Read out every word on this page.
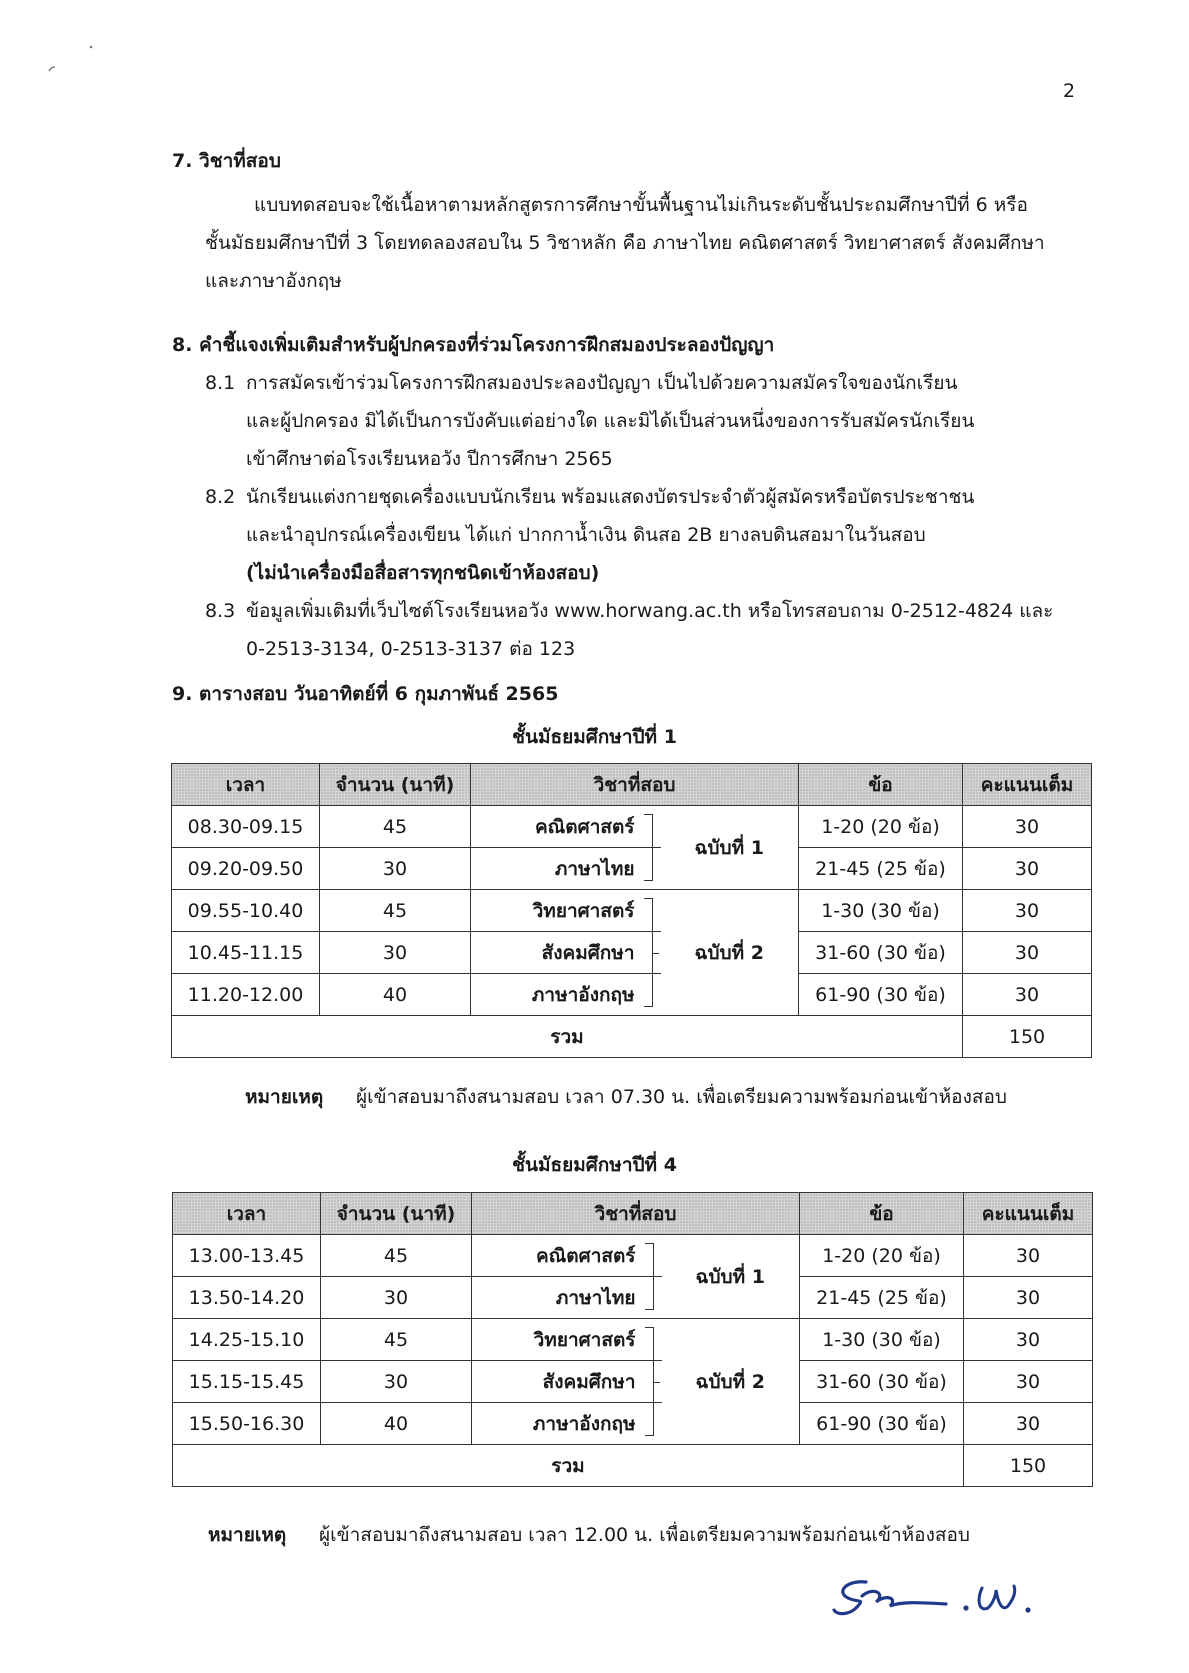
2
7. วิชาที่สอบ
แบบทดสอบจะใช้เนื้อหาตามหลักสูตรการศึกษาขั้นพื้นฐานไม่เกินระดับชั้นประถมศึกษาปีที่ 6 หรือ
ชั้นมัธยมศึกษาปีที่ 3 โดยทดลองสอบใน 5 วิชาหลัก คือ ภาษาไทย คณิตศาสตร์ วิทยาศาสตร์ สังคมศึกษา
และภาษาอังกฤษ
8. คำชี้แจงเพิ่มเติมสำหรับผู้ปกครองที่ร่วมโครงการฝึกสมองประลองปัญญา
8.1 การสมัครเข้าร่วมโครงการฝึกสมองประลองปัญญา เป็นไปด้วยความสมัครใจของนักเรียน
และผู้ปกครอง มิได้เป็นการบังคับแต่อย่างใด และมิได้เป็นส่วนหนึ่งของการรับสมัครนักเรียน
เข้าศึกษาต่อโรงเรียนหอวัง ปีการศึกษา 2565
8.2 นักเรียนแต่งกายชุดเครื่องแบบนักเรียน พร้อมแสดงบัตรประจำตัวผู้สมัครหรือบัตรประชาชน
และนำอุปกรณ์เครื่องเขียน ได้แก่ ปากกาน้ำเงิน ดินสอ 2B ยางลบดินสอมาในวันสอบ
(ไม่นำเครื่องมือสื่อสารทุกชนิดเข้าห้องสอบ)
8.3 ข้อมูลเพิ่มเติมที่เว็บไซต์โรงเรียนหอวัง www.horwang.ac.th หรือโทรสอบถาม 0-2512-4824 และ
0-2513-3134, 0-2513-3137 ต่อ 123
9. ตารางสอบ วันอาทิตย์ที่ 6 กุมภาพันธ์ 2565
ชั้นมัธยมศึกษาปีที่ 1
เวลา	จำนวน (นาที)	วิชาที่สอบ		ข้อ	คะแนนเต็ม
08.30-09.15	45	คณิตศาสตร์	ฉบับที่ 1	1-20 (20 ข้อ)	30
09.20-09.50	30	ภาษาไทย		21-45 (25 ข้อ)	30
09.55-10.40	45	วิทยาศาสตร์	ฉบับที่ 2	1-30 (30 ข้อ)	30
10.45-11.15	30	สังคมศึกษา		31-60 (30 ข้อ)	30
11.20-12.00	40	ภาษาอังกฤษ		61-90 (30 ข้อ)	30
รวม					150
หมายเหตุ ผู้เข้าสอบมาถึงสนามสอบ เวลา 07.30 น. เพื่อเตรียมความพร้อมก่อนเข้าห้องสอบ
ชั้นมัธยมศึกษาปีที่ 4
เวลา	จำนวน (นาที)	วิชาที่สอบ		ข้อ	คะแนนเต็ม
13.00-13.45	45	คณิตศาสตร์	ฉบับที่ 1	1-20 (20 ข้อ)	30
13.50-14.20	30	ภาษาไทย		21-45 (25 ข้อ)	30
14.25-15.10	45	วิทยาศาสตร์	ฉบับที่ 2	1-30 (30 ข้อ)	30
15.15-15.45	30	สังคมศึกษา		31-60 (30 ข้อ)	30
15.50-16.30	40	ภาษาอังกฤษ		61-90 (30 ข้อ)	30
รวม					150
หมายเหตุ ผู้เข้าสอบมาถึงสนามสอบ เวลา 12.00 น. เพื่อเตรียมความพร้อมก่อนเข้าห้องสอบ
